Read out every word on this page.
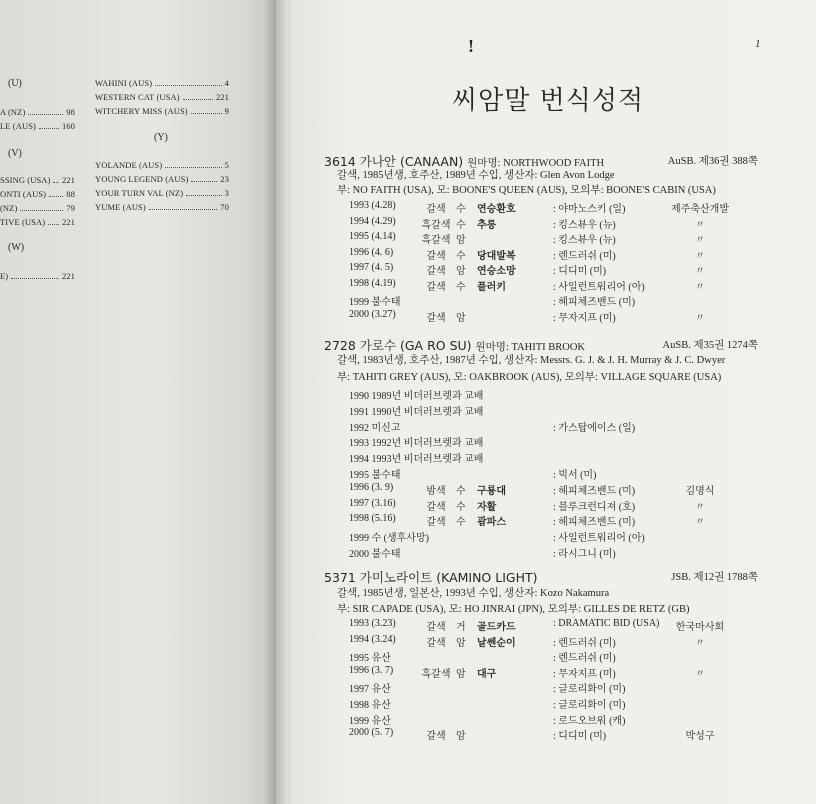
(U)
A (NZ)	98
LE (AUS)	160
(V)
SSING (USA) 221
ONTI (AUS) 88
(NZ)	79
TIVE (USA) 221
(W)
E)	221
WAHINI (AUS)	4
WESTERN CAT (USA)	221
WITCHERY MISS (AUS)	9
(Y)
YOLANDE (AUS)	5
YOUNG LEGEND (AUS)	23
YOUR TURN VAL (NZ)	3
YUME (AUS)	70
!	1
씨암말 번식성적
3614 가나안 (CANAAN) 원마명: NORTHWOOD FAITH	AuSB. 제36권 388쪽
갈색, 1985년생, 호주산, 1989년 수입, 생산자: Glen Avon Lodge
부: NO FAITH (USA), 모: BOONE'S QUEEN (AUS), 모의부: BOONE'S CABIN (USA)
1993 (4.28)	갈색	수 연승환호	: 야마노스키 (일)	제주축산개발
1994 (4.29)	흑갈색 수 추릉	: 킹스뷰우 (뉴)	〃
1995 (4.14)	흑갈색 암	: 킹스뷰우 (뉴)	〃
1996 (4. 6)	갈색	수 당대발복	: 렌드러쉬 (미)	〃
1997 (4. 5)	갈색	암 연승소망	: 디디미 (미)	〃
1998 (4.19)	갈색	수 플러키	: 사일런트워리어 (아)	〃
1999 불수태	: 헤피체즈밴드 (미)
2000 (3.27)	갈색	암	: 무자지프 (미)	〃
2728 가로수 (GA RO SU) 원마명: TAHITI BROOK	AuSB. 제35권 1274쪽
갈색, 1983년생, 호주산, 1987년 수입, 생산자: Messrs. G. J. & J. H. Murray & J. C. Dwyer
부: TAHITI GREY (AUS), 모: OAKBROOK (AUS), 모의부: VILLAGE SQUARE (USA)
1990 1989년 비더러브렛과 교배
1991 1990년 비더러브렛과 교배
1992 미신고	: 가스탑에이스 (일)
1993 1992년 비더러브렛과 교배
1994 1993년 비더러브렛과 교배
1995 불수태	: 빅서 (미)
1996 (3. 9)	밤색	수 구룡대	: 헤피체즈밴드 (미)	김명식
1997 (3.16)	갈색	수 자활	: 블루크런디져 (호)	〃
1998 (5.16)	갈색	수 괌파스	: 헤피체즈밴드 (미)	〃
1999 수 (생후사망)	: 사일런트워리어 (아)
2000 불수태	: 라시그니 (미)
5371 가미노라이트 (KAMINO LIGHT)	JSB. 제12권 1788쪽
갈색, 1985년생, 일본산, 1993년 수입, 생산자: Kozo Nakamura
부: SIR CAPADE (USA), 모: HO JINRAI (JPN), 모의부: GILLES DE RETZ (GB)
1993 (3.23)	갈색	거 골드카드	: DRAMATIC BID (USA)	한국마사회
1994 (3.24)	갈색	암 날쎈순이	: 렌드러쉬 (미)	〃
1995 유산	: 렌드러쉬 (미)
1996 (3. 7)	흑갈색 암 대구	: 무자지프 (미)	〃
1997 유산	: 글로리화이 (미)
1998 유산	: 글로리화이 (미)
1999 유산	: 로드오브워 (캐)
2000 (5. 7)	갈색	암	: 디디미 (미)	박성구
